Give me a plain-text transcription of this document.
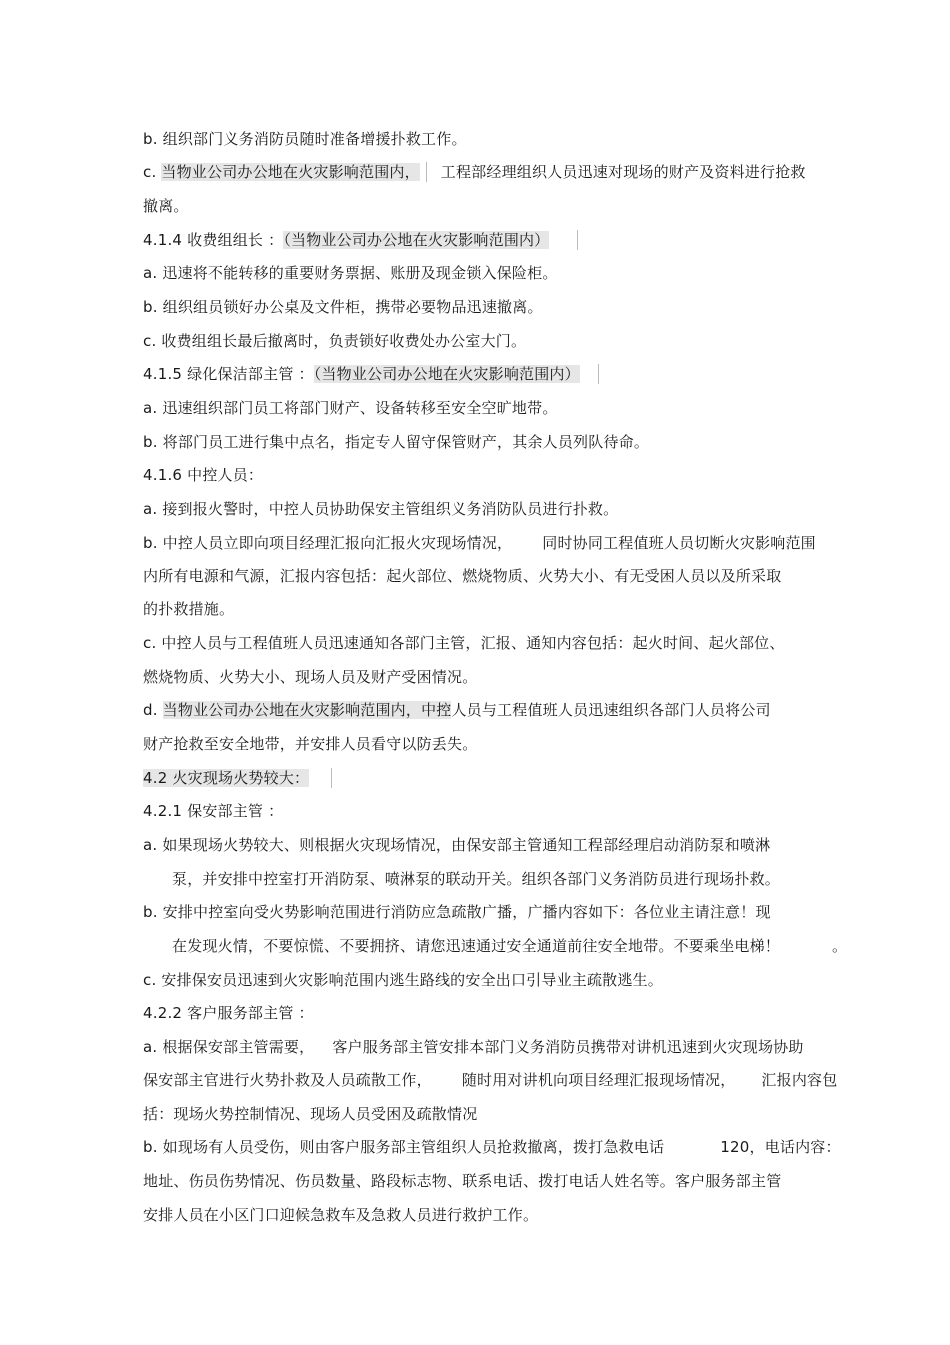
b. 组织部门义务消防员随时准备增援扑救工作。
c. 当物业公司办公地在火灾影响范围内， 工程部经理组织人员迅速对现场的财产及资料进行抢救
撤离。
4.1.4 收费组组长 ：（当物业公司办公地在火灾影响范围内）
a. 迅速将不能转移的重要财务票据、账册及现金锁入保险柜。
b. 组织组员锁好办公桌及文件柜，携带必要物品迅速撤离。
c. 收费组组长最后撤离时，负责锁好收费处办公室大门。
4.1.5 绿化保洁部主管 ：（当物业公司办公地在火灾影响范围内）
a. 迅速组织部门员工将部门财产、设备转移至安全空旷地带。
b. 将部门员工进行集中点名，指定专人留守保管财产，其余人员列队待命。
4.1.6 中控人员：
a. 接到报火警时，中控人员协助保安主管组织义务消防队员进行扑救。
b. 中控人员立即向项目经理汇报向汇报火灾现场情况， 同时协同工程值班人员切断火灾影响范围
内所有电源和气源，汇报内容包括：起火部位、燃烧物质、火势大小、有无受困人员以及所采取
的扑救措施。
c. 中控人员与工程值班人员迅速通知各部门主管，汇报、通知内容包括：起火时间、起火部位、
燃烧物质、火势大小、现场人员及财产受困情况。
d. 当物业公司办公地在火灾影响范围内，中控人员与工程值班人员迅速组织各部门人员将公司
财产抢救至安全地带，并安排人员看守以防丢失。
4.2 火灾现场火势较大：
4.2.1 保安部主管 ：
a. 如果现场火势较大、则根据火灾现场情况，由保安部主管通知工程部经理启动消防泵和喷淋
泵，并安排中控室打开消防泵、喷淋泵的联动开关。组织各部门义务消防员进行现场扑救。
b. 安排中控室向受火势影响范围进行消防应急疏散广播，广播内容如下：各位业主请注意！现
在发现火情，不要惊慌、不要拥挤、请您迅速通过安全通道前往安全地带。不要乘坐电梯！	。
c. 安排保安员迅速到火灾影响范围内逃生路线的安全出口引导业主疏散逃生。
4.2.2 客户服务部主管 ：
a. 根据保安部主管需要， 客户服务部主管安排本部门义务消防员携带对讲机迅速到火灾现场协助
保安部主官进行火势扑救及人员疏散工作， 随时用对讲机向项目经理汇报现场情况， 汇报内容包
括：现场火势控制情况、现场人员受困及疏散情况
b. 如现场有人员受伤，则由客户服务部主管组织人员抢救撤离，拨打急救电话	120，电话内容：
地址、伤员伤势情况、伤员数量、路段标志物、联系电话、拨打电话人姓名等。客户服务部主管
安排人员在小区门口迎候急救车及急救人员进行救护工作。
